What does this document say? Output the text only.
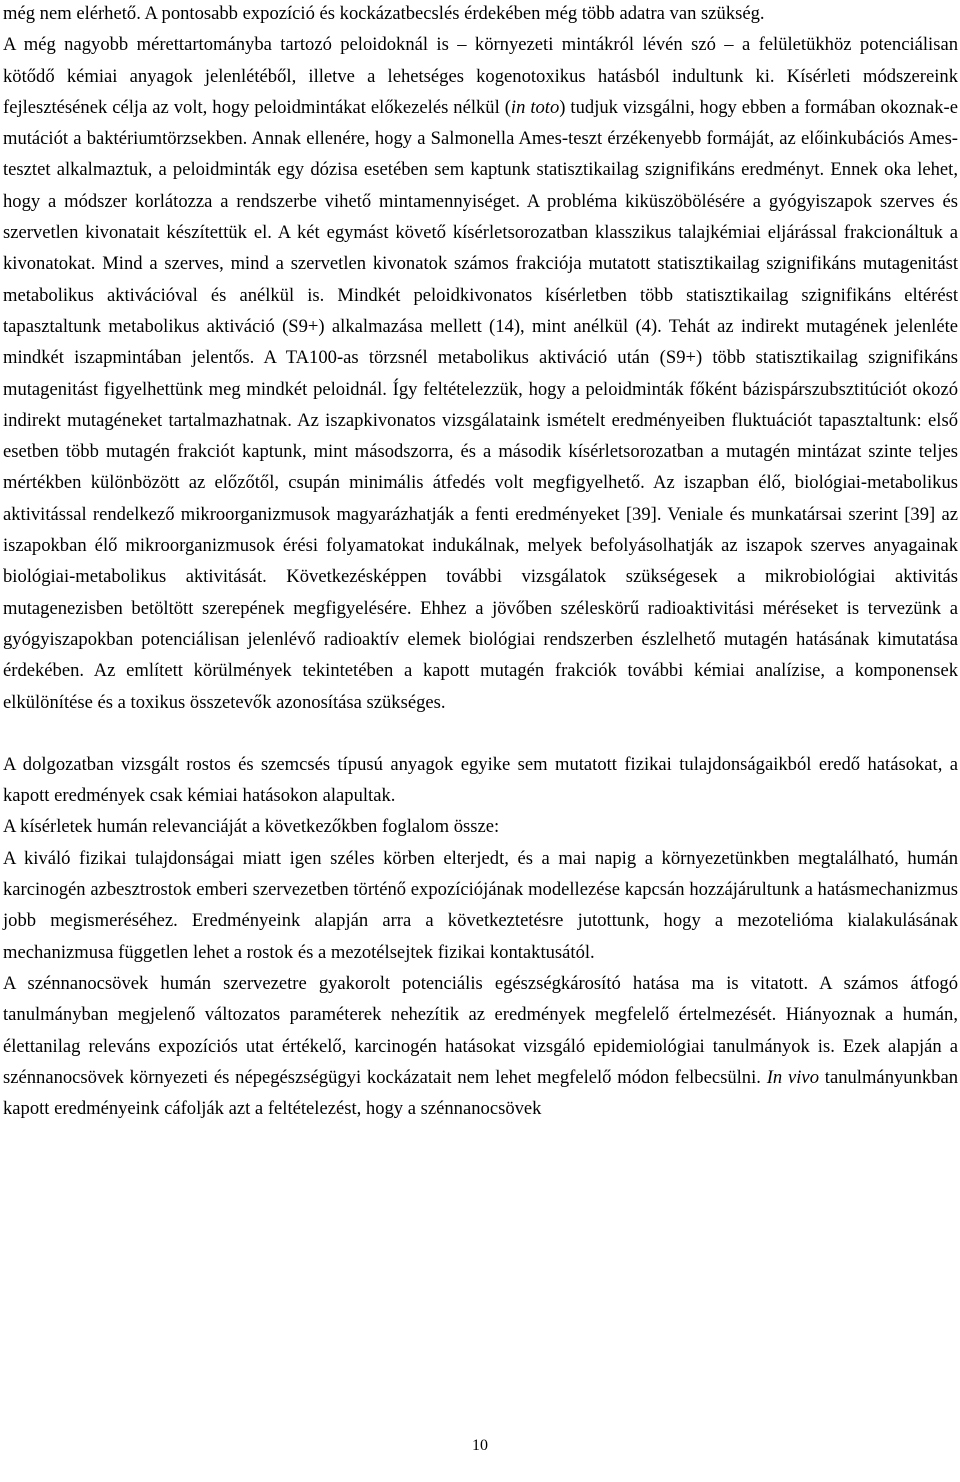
még nem elérhető. A pontosabb expozíció és kockázatbecslés érdekében még több adatra van szükség.

A még nagyobb mérettartományba tartozó peloidoknál is – környezeti mintákról lévén szó – a felületükhöz potenciálisan kötődő kémiai anyagok jelenlétéből, illetve a lehetséges kogenotoxikus hatásból indultunk ki. Kísérleti módszereink fejlesztésének célja az volt, hogy peloidmintákat előkezelés nélkül (in toto) tudjuk vizsgálni, hogy ebben a formában okoznak-e mutációt a baktériumtörzsekben. Annak ellenére, hogy a Salmonella Ames-teszt érzékenyebb formáját, az előinkubációs Ames-tesztet alkalmaztuk, a peloidminták egy dózisa esetében sem kaptunk statisztikailag szignifikáns eredményt. Ennek oka lehet, hogy a módszer korlátozza a rendszerbe vihető mintamennyiséget. A probléma kiküszöbölésére a gyógyiszapok szerves és szervetlen kivonatait készítettük el. A két egymást követő kísérletsorozatban klasszikus talajkémiai eljárással frakcionáltuk a kivonatokat. Mind a szerves, mind a szervetlen kivonatok számos frakciója mutatott statisztikailag szignifikáns mutagenitást metabolikus aktivációval és anélkül is. Mindkét peloidkivonatos kísérletben több statisztikailag szignifikáns eltérést tapasztaltunk metabolikus aktiváció (S9+) alkalmazása mellett (14), mint anélkül (4). Tehát az indirekt mutagének jelenléte mindkét iszapmintában jelentős. A TA100-as törzsnél metabolikus aktiváció után (S9+) több statisztikailag szignifikáns mutagenitást figyelhettünk meg mindkét peloidnál. Így feltételezzük, hogy a peloidminták főként bázispárszubsztitúciót okozó indirekt mutagéneket tartalmazhatnak. Az iszapkivonatos vizsgálataink ismételt eredményeiben fluktuációt tapasztaltunk: első esetben több mutagén frakciót kaptunk, mint másodszorra, és a második kísérletsorozatban a mutagén mintázat szinte teljes mértékben különbözött az előzőtől, csupán minimális átfedés volt megfigyelhető. Az iszapban élő, biológiai-metabolikus aktivitással rendelkező mikroorganizmusok magyarázhatják a fenti eredményeket [39]. Veniale és munkatársai szerint [39] az iszapokban élő mikroorganizmusok érési folyamatokat indukálnak, melyek befolyásolhatják az iszapok szerves anyagainak biológiai-metabolikus aktivitását. Következésképpen további vizsgálatok szükségesek a mikrobiológiai aktivitás mutagenezisben betöltött szerepének megfigyelésére. Ehhez a jövőben széleskörű radioaktivitási méréseket is tervezünk a gyógyiszapokban potenciálisan jelenlévő radioaktív elemek biológiai rendszerben észlelhető mutagén hatásának kimutatása érdekében. Az említett körülmények tekintetében a kapott mutagén frakciók további kémiai analízise, a komponensek elkülönítése és a toxikus összetevők azonosítása szükséges.

A dolgozatban vizsgált rostos és szemcsés típusú anyagok egyike sem mutatott fizikai tulajdonságaikból eredő hatásokat, a kapott eredmények csak kémiai hatásokon alapultak.

A kísérletek humán relevanciáját a következőkben foglalom össze:

A kiváló fizikai tulajdonságai miatt igen széles körben elterjedt, és a mai napig a környezetünkben megtalálható, humán karcinogén azbesztrostok emberi szervezetben történő expozíciójának modellezése kapcsán hozzájárultunk a hatásmechanizmus jobb megismeréséhez. Eredményeink alapján arra a következtetésre jutottunk, hogy a mezotelióma kialakulásának mechanizmusa független lehet a rostok és a mezotélsejtek fizikai kontaktusától.

A szénnanocsövek humán szervezetre gyakorolt potenciális egészségkárosító hatása ma is vitatott. A számos átfogó tanulmányban megjelenő változatos paraméterek nehezítik az eredmények megfelelő értelmezését. Hiányoznak a humán, élettanilag releváns expozíciós utat értékelő, karcinogén hatásokat vizsgáló epidemiológiai tanulmányok is. Ezek alapján a szénnanocsövek környezeti és népegészségügyi kockázatait nem lehet megfelelő módon felbecsülni. In vivo tanulmányunkban kapott eredményeink cáfolják azt a feltételezést, hogy a szénnanocsövek

10
